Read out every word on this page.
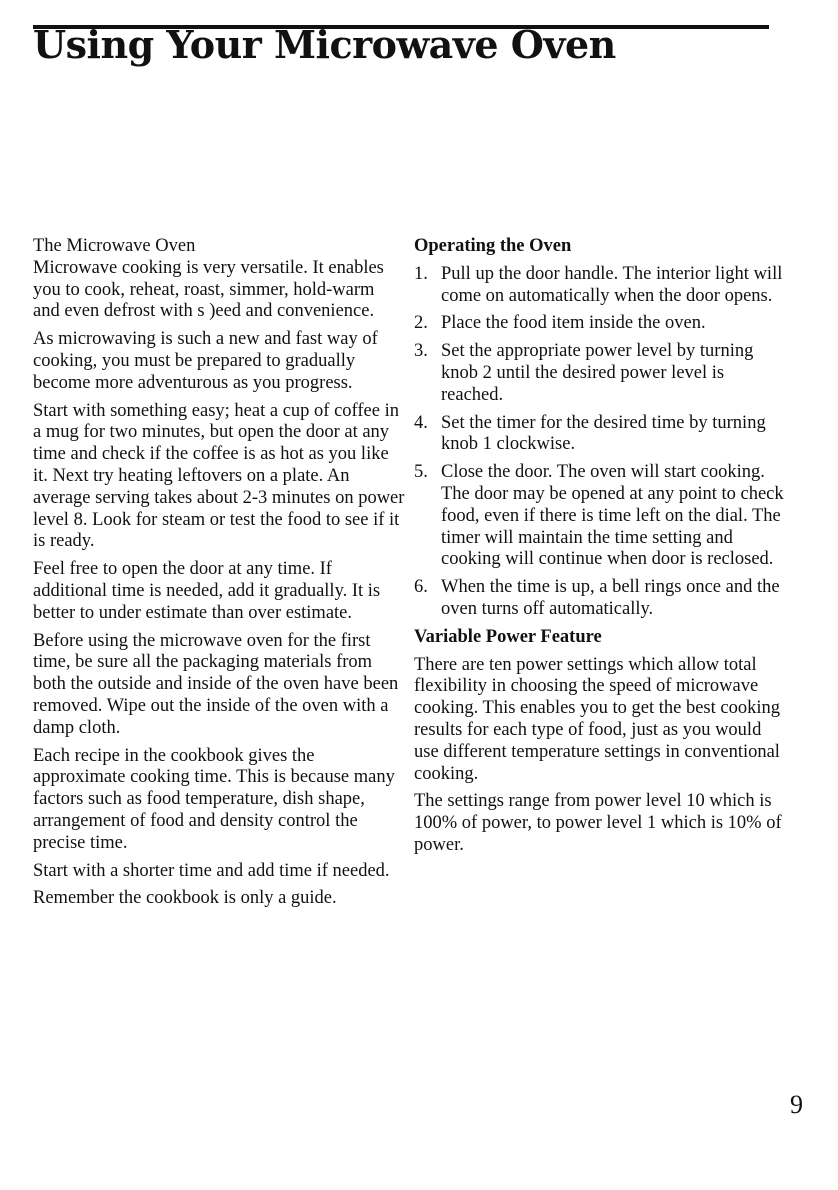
Using Your Microwave Oven

The Microwave Oven

Microwave cooking is very versatile. It enables you to cook, reheat, roast, simmer, hold-warm and even defrost with s )eed and convenience.

As microwaving is such a new and fast way of cooking, you must be prepared to gradually become more adventurous as you progress.

Start with something easy; heat a cup of coffee in a mug for two minutes, but open the door at any time and check if the coffee is as hot as you like it. Next try heating leftovers on a plate. An average serving takes about 2-3 minutes on power level 8. Look for steam or test the food to see if it is ready.

Feel free to open the door at any time. If additional time is needed, add it gradually. It is better to under estimate than over estimate.

Before using the microwave oven for the first time, be sure all the packaging materials from both the outside and inside of the oven have been removed. Wipe out the inside of the oven with a damp cloth.

Each recipe in the cookbook gives the approximate cooking time. This is because many factors such as food temperature, dish shape, arrangement of food and density control the precise time.

Start with a shorter time and add time if needed.

Remember the cookbook is only a guide.

Operating the Oven

1. Pull up the door handle. The interior light will come on automatically when the door opens.
2. Place the food item inside the oven.
3. Set the appropriate power level by turning knob 2 until the desired power level is reached.
4. Set the timer for the desired time by turning knob 1 clockwise.
5. Close the door. The oven will start cooking. The door may be opened at any point to check food, even if there is time left on the dial. The timer will maintain the time setting and cooking will continue when door is reclosed.
6. When the time is up, a bell rings once and the oven turns off automatically.

Variable Power Feature

There are ten power settings which allow total flexibility in choosing the speed of microwave cooking. This enables you to get the best cooking results for each type of food, just as you would use different temperature settings in conventional cooking.

The settings range from power level 10 which is 100% of power, to power level 1 which is 10% of power.

9
